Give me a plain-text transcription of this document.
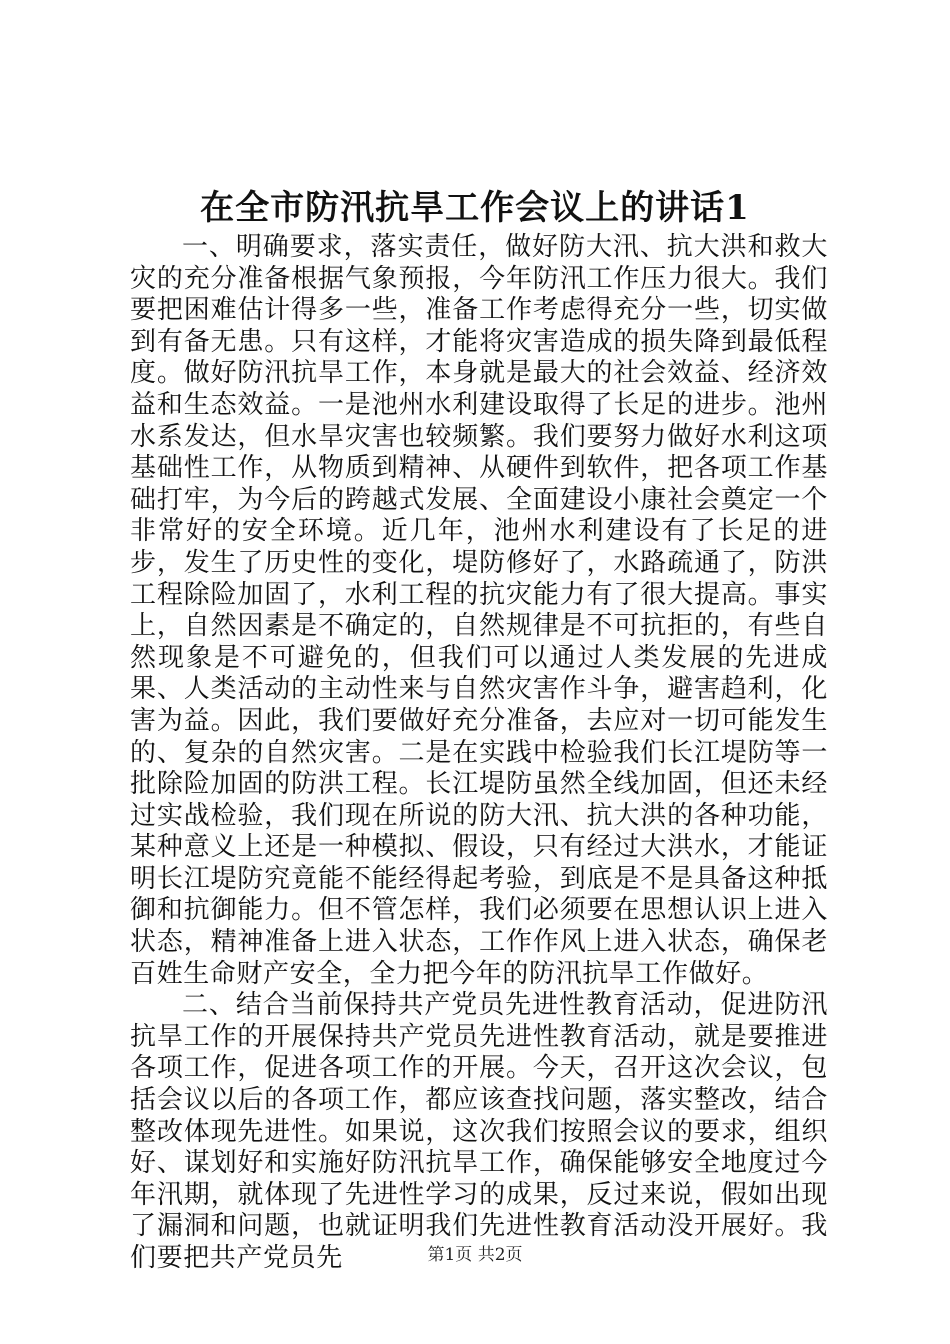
在全市防汛抗旱工作会议上的讲话1

一、明确要求，落实责任，做好防大汛、抗大洪和救大灾的充分准备根据气象预报，今年防汛工作压力很大。我们要把困难估计得多一些，准备工作考虑得充分一些，切实做到有备无患。只有这样，才能将灾害造成的损失降到最低程度。做好防汛抗旱工作，本身就是最大的社会效益、经济效益和生态效益。一是池州水利建设取得了长足的进步。池州水系发达，但水旱灾害也较频繁。我们要努力做好水利这项基础性工作，从物质到精神、从硬件到软件，把各项工作基础打牢，为今后的跨越式发展、全面建设小康社会奠定一个非常好的安全环境。近几年，池州水利建设有了长足的进步，发生了历史性的变化，堤防修好了，水路疏通了，防洪工程除险加固了，水利工程的抗灾能力有了很大提高。事实上，自然因素是不确定的，自然规律是不可抗拒的，有些自然现象是不可避免的，但我们可以通过人类发展的先进成果、人类活动的主动性来与自然灾害作斗争，避害趋利，化害为益。因此，我们要做好充分准备，去应对一切可能发生的、复杂的自然灾害。二是在实践中检验我们长江堤防等一批除险加固的防洪工程。长江堤防虽然全线加固，但还未经过实战检验，我们现在所说的防大汛、抗大洪的各种功能，某种意义上还是一种模拟、假设，只有经过大洪水，才能证明长江堤防究竟能不能经得起考验，到底是不是具备这种抵御和抗御能力。但不管怎样，我们必须要在思想认识上进入状态，精神准备上进入状态，工作作风上进入状态，确保老百姓生命财产安全，全力把今年的防汛抗旱工作做好。

二、结合当前保持共产党员先进性教育活动，促进防汛抗旱工作的开展保持共产党员先进性教育活动，就是要推进各项工作，促进各项工作的开展。今天，召开这次会议，包括会议以后的各项工作，都应该查找问题，落实整改，结合整改体现先进性。如果说，这次我们按照会议的要求，组织好、谋划好和实施好防汛抗旱工作，确保能够安全地度过今年汛期，就体现了先进性学习的成果，反过来说，假如出现了漏洞和问题，也就证明我们先进性教育活动没开展好。我们要把共产党员先	第1页 共2页
